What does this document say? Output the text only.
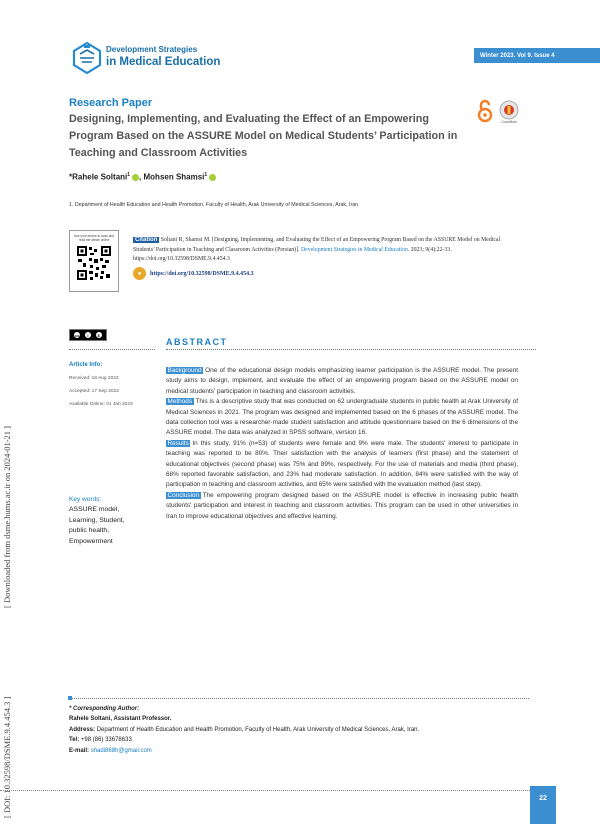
[ Downloaded from dsme.hums.ac.ir on 2024-01-21 ]
[ DOI: 10.32598/DSME.9.4.454.3 ]
Development Strategies
in Medical Education
Winter 2023. Vol 9. Issue 4
Research Paper
Designing, Implementing, and Evaluating the Effect of an Empowering Program Based on the ASSURE Model on Medical Students’ Participation in Teaching and Classroom Activities
CrossMark
*Rahele Soltani$^1$ , Mohsen Shamsi$^1$
1. Department of Health Education and Health Promotion, Faculty of Health, Arak University of Medical Sciences, Arak, Iran.
Use your device to scan and read the article online	Citation Soltani R, Shamsi M. [Designing, Implementing, and Evaluating the Effect of an Empowering Program Based on the ASSURE Model on Medical Students’ Participation in Teaching and Classroom Activities (Persian)]. Development Strategies in Medical Education. 2023; 9(4):22-33. https://doi.org/10.32598/DSME.9.4.454.3
●	https://doi.org/10.32598/DSME.9.4.454.3
cc	i	$
ABSTRACT
Article Info:
Received: 18 Aug 2022
Accepted: 17 Sep 2022
Available Online: 01 Jan 2023
Key words:
ASSURE model,
Learning, Student,
public health,
Empowerment

Background One of the educational design models emphasizing learner participation is the ASSURE model. The present study aims to design, implement, and evaluate the effect of an empowering program based on the ASSURE model on medical students' participation in teaching and classroom activities.

Methods This is a descriptive study that was conducted on 62 undergraduate students in public health at Arak University of Medical Sciences in 2021. The program was designed and implemented based on the 6 phases of the ASSURE model. The data collection tool was a researcher-made student satisfaction and attitude questionnaire based on the 6 dimensions of the ASSURE model. The data was analyzed in SPSS software, version 16.

Results In this study, 91% (n=53) of students were female and 9% were male. The students' interest to participate in teaching was reported to be 80%. Their satisfaction with the analysis of learners (first phase) and the statement of educational objectives (second phase) was 75% and 89%, respectively. For the use of materials and media (third phase), 68% reported favorable satisfaction, and 23% had moderate satisfaction. In addition, 84% were satisfied with the way of participation in teaching and classroom activities, and 65% were satisfied with the evaluation method (last step).

Conclusion The empowering program designed based on the ASSURE model is effective in increasing public health students' participation and interest in teaching and classroom activities. This program can be used in other universities in Iran to improve educational objectives and effective learning.

* Corresponding Author:
Rahele Soltani, Assistant Professor.
Address: Department of Health Education and Health Promotion, Faculty of Health, Arak University of Medical Sciences, Arak, Iran.
Tel: +98 (86) 33678633
E-mail: shadi868h@gmail.com
22
